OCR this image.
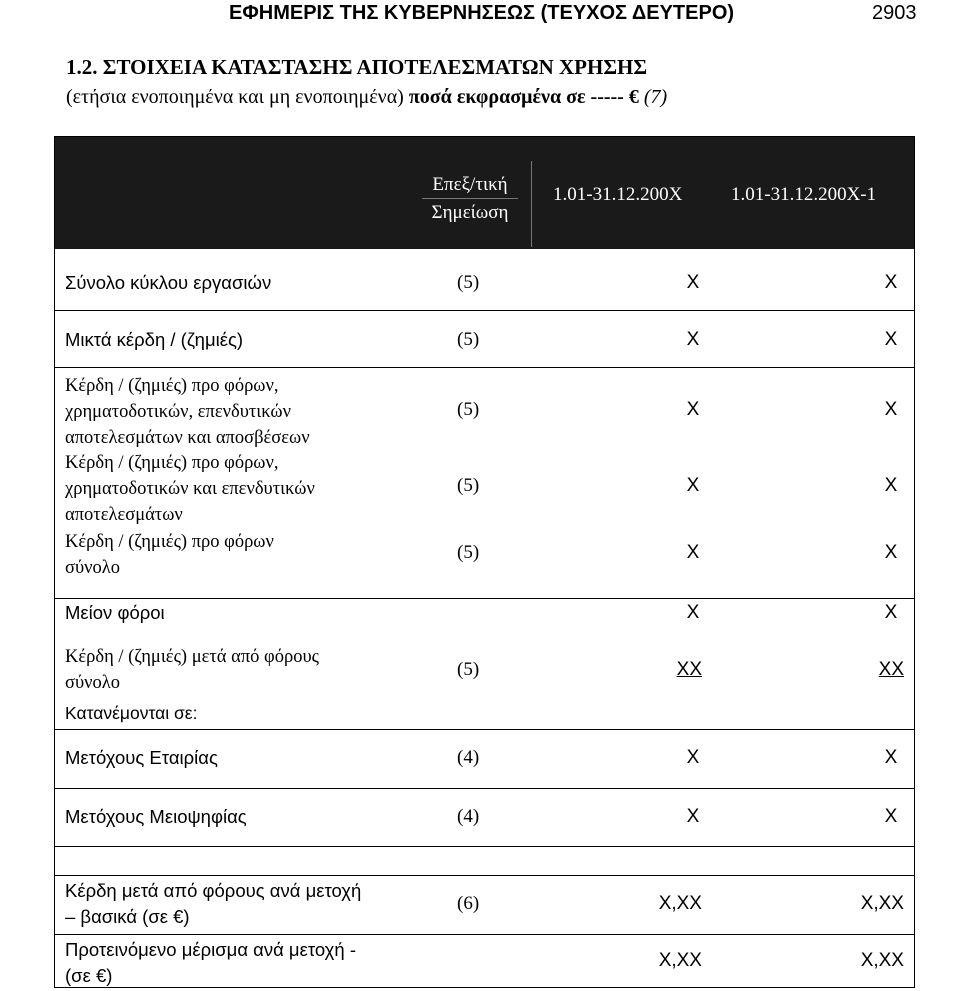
ΕΦΗΜΕΡΙΣ ΤΗΣ ΚΥΒΕΡΝΗΣΕΩΣ (ΤΕΥΧΟΣ ΔΕΥΤΕΡΟ)	2903
1.2. ΣΤΟΙΧΕΙΑ ΚΑΤΑΣΤΑΣΗΣ ΑΠΟΤΕΛΕΣΜΑΤΩΝ ΧΡΗΣΗΣ
(ετήσια ενοποιημένα και μη ενοποιημένα) ποσά εκφρασμένα σε ----- € (7)
Επεξ/τική
Σημείωση
1.01-31.12.200Χ	1.01-31.12.200Χ-1
Σύνολο κύκλου εργασιών	(5)	Χ	Χ
Μικτά κέρδη / (ζημιές)	(5)	Χ	Χ
Κέρδη / (ζημιές) προ φόρων,
χρηματοδοτικών, επενδυτικών
αποτελεσμάτων και αποσβέσεων
(5)	Χ	Χ
Κέρδη / (ζημιές) προ φόρων,
χρηματοδοτικών και επενδυτικών
αποτελεσμάτων
(5)	Χ	Χ
Κέρδη / (ζημιές) προ φόρων
σύνολο
(5)	Χ	Χ
Μείον φόροι	Χ	Χ
Κέρδη / (ζημιές) μετά από φόρους
σύνολο
Κατανέμονται σε:
(5)	ΧΧ	ΧΧ
Μετόχους Εταιρίας	(4)	Χ	Χ
Μετόχους Μειοψηφίας	(4)	Χ	Χ
Κέρδη μετά από φόρους ανά μετοχή
– βασικά (σε €)
(6)	Χ,ΧΧ	Χ,ΧΧ
Προτεινόμενο μέρισμα ανά μετοχή -
(σε €)
Χ,ΧΧ	Χ,ΧΧ
